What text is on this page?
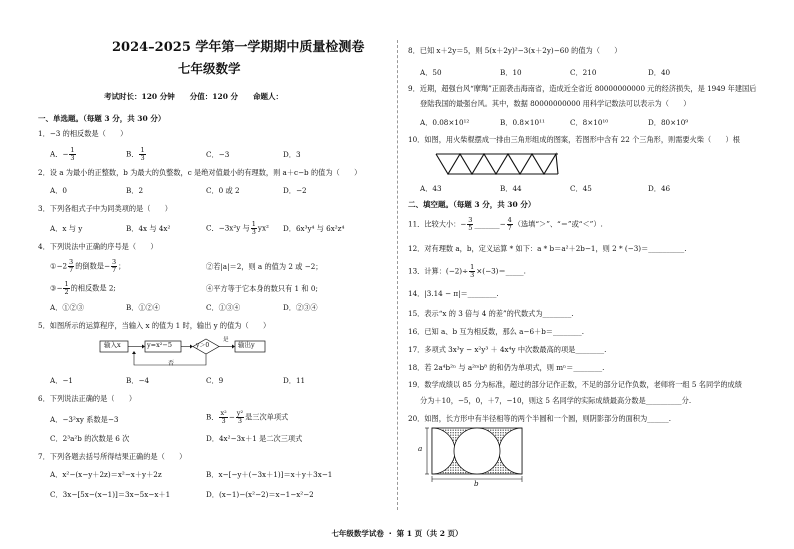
2024–2025 学年第一学期期中质量检测卷
七年级数学
考试时长：120 分钟　　分值：120 分　　命题人：
一、单选题。（每题 3 分，共 30 分）
1．−3 的相反数是（　　）
A．− $\frac{1}{3}$	B． $\frac{1}{3}$	C．−3	D．3
2．设 a 为最小的正整数，b 为最大的负整数，c 是绝对值最小的有理数，则 a＋c−b 的值为（　　）
A．0	B．2	C．0 或 2	D．−2
3．下列各组式子中为同类项的是（　　）
A．x 与 y	B．4x 与 4x²	C．−3x²y 与 $\frac{1}{3} yx^2$ D．6x³y⁴ 与 6x²z⁴
4．下列说法中正确的序号是（　　）
①−2 $\frac{3}{7}$ 的倒数是− $\frac{3}{7}$ ；	②若|a|＝2，则 a 的值为 2 或 −2；
③− $\frac{1}{2}$ 的相反数是 2;	④平方等于它本身的数只有 1 和 0;
A．①②③	B．①②④	C．①③④	D．②③④
5．如图所示的运算程序，当输入 x 的值为 1 时，输出 y 的值为（　　）
输入x	y=x²−5	y＞0	输出y
是
否
A．−1	B．−4	C．9	D．11
6．下列说法正确的是（　　）
A．−3²xy 系数是−3	B． $\frac{\text{x²}}{3} - \frac{\text{y²}}{3}$ 是三次单项式
C．2³a²b 的次数是 6 次	D．4x²−3x＋1 是二次三项式
7．下列各题去括号所得结果正确的是（　　）
A．x²−(x−y＋2z)＝x²−x＋y＋2z	B．x−[−y＋(−3x＋1)]＝x＋y＋3x−1
C．3x−[5x−(x−1)]＝3x−5x−x＋1	D．(x−1)−(x²−2)＝x−1−x²−2
8．已知 x＋2y＝5，则 5(x＋2y)²−3(x＋2y)−60 的值为（　　）
A．50	B．10	C．210	D．40
9．近期，超强台风“摩羯”正面袭击海南省，造成近全省近 80000000000 元的经济损失，是 1949 年建国后
登陆我国的最强台风。其中，数据 80000000000 用科学记数法可以表示为（　　）
A．0.08×10¹²	B．0.8×10¹¹	C．8×10¹⁰	D．80×10⁹
10．如图，用火柴棍摆成一排由三角形组成的图案，若图形中含有 22 个三角形，则需要火柴（　　）根
A．43	B．44	C．45	D．46
二、填空题。（每题 3 分，共 30 分）
11．比较大小：− $\frac{3}{5}$ _______− $\frac{4}{7}$ （选填“＞”、“＝”或“＜”）.
12．对有理数 a，b，定义运算 * 如下：a * b＝a²＋2b−1，则 2 * (−3)＝__________.
13．计算：$(-2)\div \frac{1}{3}$ ×(−3)＝_____.
14．|3.14 − π|＝________.
15．表示“x 的 3 倍与 4 的差”的代数式为________.
16．已知 a、b 互为相反数，那么 a−6＋b＝________.
17．多项式 3x³y − x²y³ ＋ 4x⁴y 中次数最高的项是________.
18．若 2a⁴b²ⁿ 与 a²ᵐb⁸ 的和仍为单项式，则 mⁿ＝________.
19．数学成绩以 85 分为标准，超过的部分记作正数，不足的部分记作负数，老师将一组 5 名同学的成绩
分为＋10，−5，0，＋7，−10，则这 5 名同学的实际成绩最高分数是__________分.
20．如图，长方形中有半径相等的两个半圆和一个圆，则阴影部分的面积为______.
a
b
七年级数学试卷 ・ 第 1 页（共 2 页）
